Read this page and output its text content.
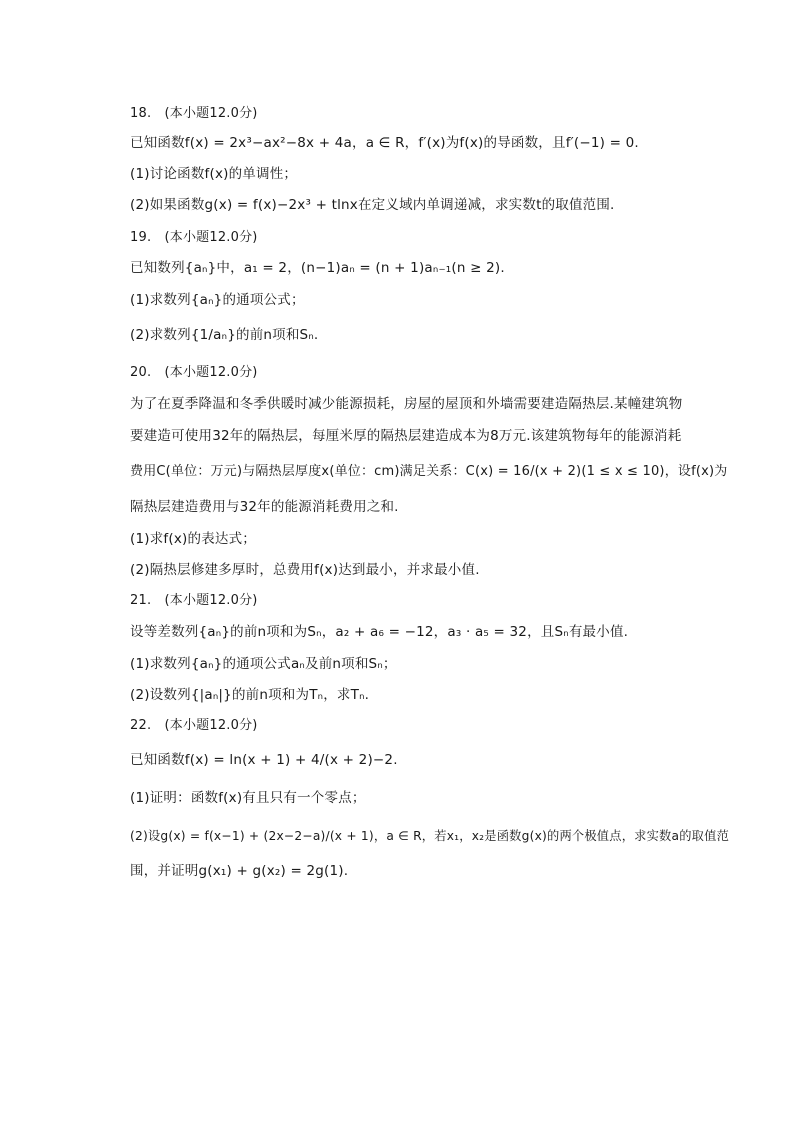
18.　(本小题12.0分)
已知函数f(x) = 2x³−ax²−8x + 4a，a ∈ R，f′(x)为f(x)的导函数，且f′(−1) = 0.
(1)讨论函数f(x)的单调性；
(2)如果函数g(x) = f(x)−2x³ + tlnx在定义域内单调递减，求实数t的取值范围.
19.　(本小题12.0分)
已知数列{aₙ}中，a₁ = 2，(n−1)aₙ = (n + 1)aₙ₋₁(n ≥ 2).
(1)求数列{aₙ}的通项公式；
(2)求数列{1/aₙ}的前n项和Sₙ.
20.　(本小题12.0分)
为了在夏季降温和冬季供暖时减少能源损耗，房屋的屋顶和外墙需要建造隔热层.某幢建筑物
要建造可使用32年的隔热层，每厘米厚的隔热层建造成本为8万元.该建筑物每年的能源消耗
费用C(单位：万元)与隔热层厚度x(单位：cm)满足关系：C(x) = 16/(x + 2)(1 ≤ x ≤ 10)，设f(x)为
隔热层建造费用与32年的能源消耗费用之和.
(1)求f(x)的表达式；
(2)隔热层修建多厚时，总费用f(x)达到最小，并求最小值.
21.　(本小题12.0分)
设等差数列{aₙ}的前n项和为Sₙ，a₂ + a₆ = −12，a₃ · a₅ = 32，且Sₙ有最小值.
(1)求数列{aₙ}的通项公式aₙ及前n项和Sₙ；
(2)设数列{|aₙ|}的前n项和为Tₙ，求Tₙ.
22.　(本小题12.0分)
已知函数f(x) = ln(x + 1) + 4/(x + 2)−2.
(1)证明：函数f(x)有且只有一个零点；
(2)设g(x) = f(x−1) + (2x−2−a)/(x + 1)，a ∈ R，若x₁，x₂是函数g(x)的两个极值点，求实数a的取值范
围，并证明g(x₁) + g(x₂) = 2g(1).
